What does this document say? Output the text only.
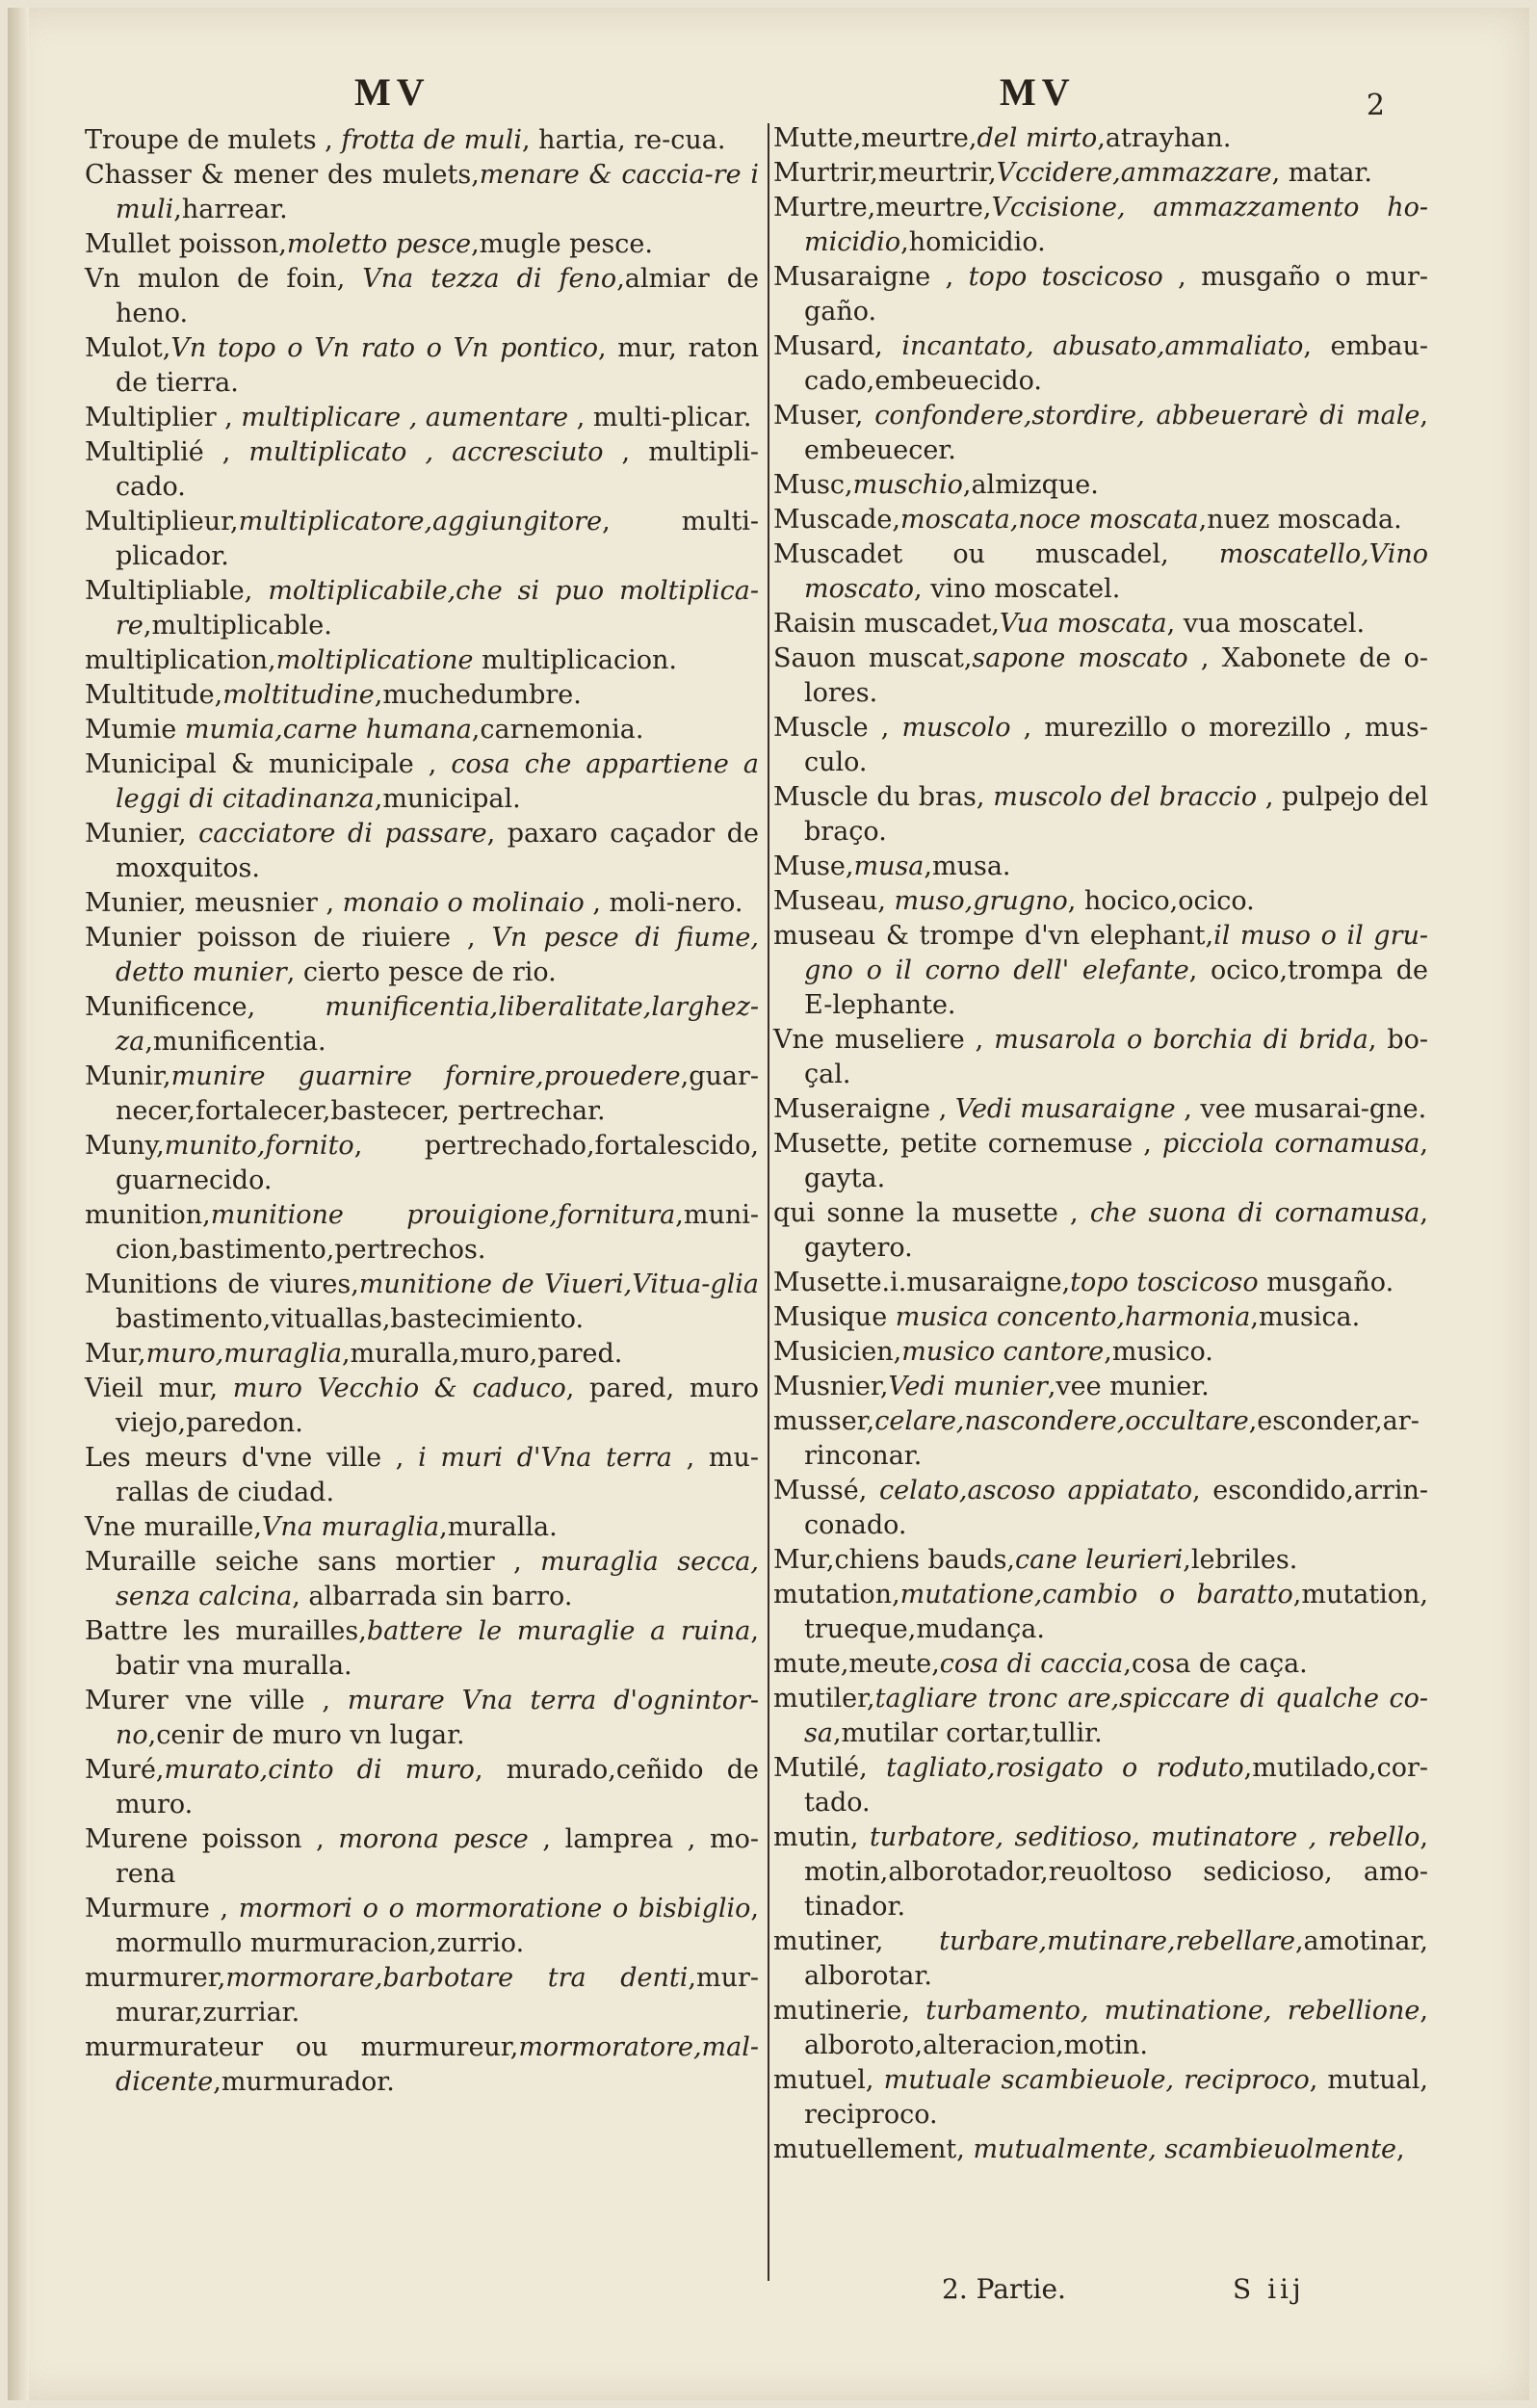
MV	MV	2

Troupe de mulets , frotta de muli, hartia, re-cua.

Chasser & mener des mulets,menare & caccia-re i muli,harrear.

Mullet poisson,moletto pesce,mugle pesce.

Vn mulon de foin, Vna tezza di feno,almiar de heno.

Mulot,Vn topo o Vn rato o Vn pontico, mur, raton de tierra.

Multiplier , multiplicare , aumentare , multi-plicar.

Multiplié , multiplicato , accresciuto , multipli-cado.

Multiplieur,multiplicatore,aggiungitore, multi-plicador.

Multipliable, moltiplicabile,che si puo moltiplica-re,multiplicable.

multiplication,moltiplicatione multiplicacion.

Multitude,moltitudine,muchedumbre.

Mumie mumia,carne humana,carnemonia.

Municipal & municipale , cosa che appartiene a leggi di citadinanza,municipal.

Munier, cacciatore di passare, paxaro caçador de moxquitos.

Munier, meusnier , monaio o molinaio , moli-nero.

Munier poisson de riuiere , Vn pesce di fiume, detto munier, cierto pesce de rio.

Munificence, munificentia,liberalitate,larghez-za,munificentia.

Munir,munire guarnire fornire,prouedere,guar-necer,fortalecer,bastecer, pertrechar.

Muny,munito,fornito, pertrechado,fortalescido, guarnecido.

munition,munitione prouigione,fornitura,muni-cion,bastimento,pertrechos.

Munitions de viures,munitione de Viueri,Vitua-glia bastimento,vituallas,bastecimiento.

Mur,muro,muraglia,muralla,muro,pared.

Vieil mur, muro Vecchio & caduco, pared, muro viejo,paredon.

Les meurs d'vne ville , i muri d'Vna terra , mu-rallas de ciudad.

Vne muraille,Vna muraglia,muralla.

Muraille seiche sans mortier , muraglia secca, senza calcina, albarrada sin barro.

Battre les murailles,battere le muraglie a ruina, batir vna muralla.

Murer vne ville , murare Vna terra d'ognintor-no,cenir de muro vn lugar.

Muré,murato,cinto di muro, murado,ceñido de muro.

Murene poisson , morona pesce , lamprea , mo-rena

Murmure , mormori o o mormoratione o bisbiglio, mormullo murmuracion,zurrio.

murmurer,mormorare,barbotare tra denti,mur-murar,zurriar.

murmurateur ou murmureur,mormoratore,mal-dicente,murmurador.

Mutte,meurtre,del mirto,atrayhan.

Murtrir,meurtrir,Vccidere,ammazzare, matar.

Murtre,meurtre,Vccisione, ammazzamento ho-micidio,homicidio.

Musaraigne , topo toscicoso , musgaño o mur-gaño.

Musard, incantato, abusato,ammaliato, embau-cado,embeuecido.

Muser, confondere,stordire, abbeuerarè di male, embeuecer.

Musc,muschio,almizque.

Muscade,moscata,noce moscata,nuez moscada.

Muscadet ou muscadel, moscatello,Vino moscato, vino moscatel.

Raisin muscadet,Vua moscata, vua moscatel.

Sauon muscat,sapone moscato , Xabonete de o-lores.

Muscle , muscolo , murezillo o morezillo , mus-culo.

Muscle du bras, muscolo del braccio , pulpejo del braço.

Muse,musa,musa.

Museau, muso,grugno, hocico,ocico.

museau & trompe d'vn elephant,il muso o il gru-gno o il corno dell' elefante, ocico,trompa de E-lephante.

Vne museliere , musarola o borchia di brida, bo-çal.

Museraigne , Vedi musaraigne , vee musarai-gne.

Musette, petite cornemuse , picciola cornamusa, gayta.

qui sonne la musette , che suona di cornamusa, gaytero.

Musette.i.musaraigne,topo toscicoso musgaño.

Musique musica concento,harmonia,musica.

Musicien,musico cantore,musico.

Musnier,Vedi munier,vee munier.

musser,celare,nascondere,occultare,esconder,ar-rinconar.

Mussé, celato,ascoso appiatato, escondido,arrin-conado.

Mur,chiens bauds,cane leurieri,lebriles.

mutation,mutatione,cambio o baratto,mutation, trueque,mudança.

mute,meute,cosa di caccia,cosa de caça.

mutiler,tagliare tronc are,spiccare di qualche co-sa,mutilar cortar,tullir.

Mutilé, tagliato,rosigato o roduto,mutilado,cor-tado.

mutin, turbatore, seditioso, mutinatore , rebello, motin,alborotador,reuoltoso sedicioso, amo-tinador.

mutiner, turbare,mutinare,rebellare,amotinar, alborotar.

mutinerie, turbamento, mutinatione, rebellione, alboroto,alteracion,motin.

mutuel, mutuale scambieuole, reciproco, mutual, reciproco.

mutuellement, mutualmente, scambieuolmente,

2. Partie.	S iij
